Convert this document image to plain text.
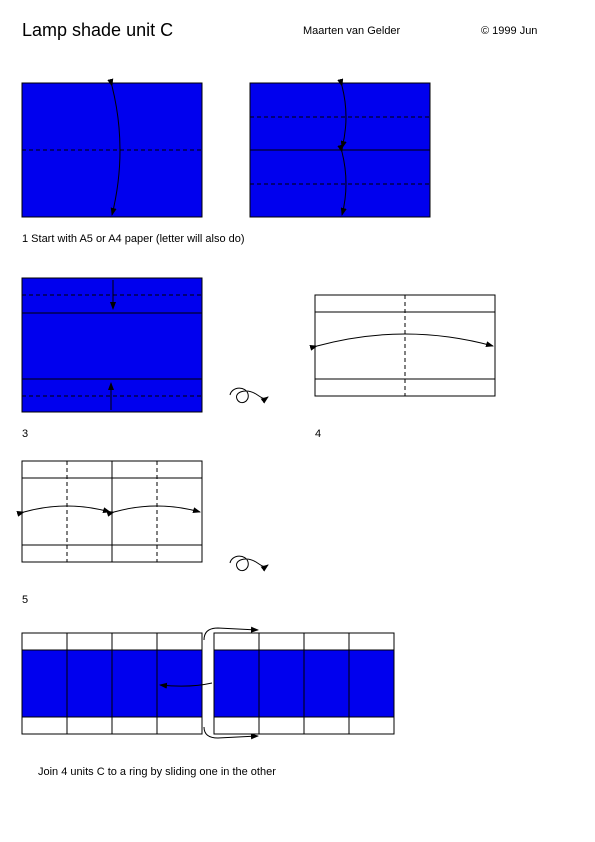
Lamp shade unit C	Maarten van Gelder	© 1999 Jun
1 Start with A5 or A4 paper (letter will also do)
3	4
5
Join 4 units C to a ring by sliding one in the other
